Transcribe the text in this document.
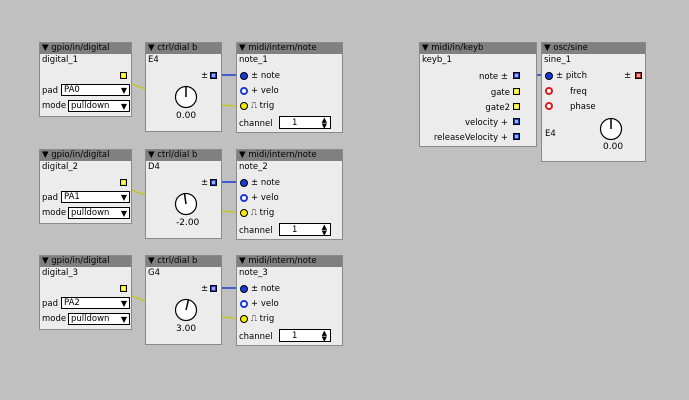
▼ gpio/in/digital
digital_1
pad PA0	▼
mode pulldown ▼
▼ ctrl/dial b
E4
±
0.00
▼ midi/intern/note
note_1
± note
+ velo
⎍ trig
channel	1	▲
▼
▼ gpio/in/digital
digital_2
pad PA1	▼
mode pulldown ▼
▼ ctrl/dial b
D4
±
-2.00
▼ midi/intern/note
note_2
± note
+ velo
⎍ trig
channel	1	▲
▼
▼ gpio/in/digital
digital_3
pad PA2	▼
mode pulldown ▼
▼ ctrl/dial b
G4
±
3.00
▼ midi/intern/note
note_3
± note
+ velo
⎍ trig
channel	1	▲
▼
▼ midi/in/keyb
keyb_1
note ±
gate
gate2
velocity +
releaseVelocity +
▼ osc/sine
sine_1
± pitch	±
freq
phase
E4
0.00
